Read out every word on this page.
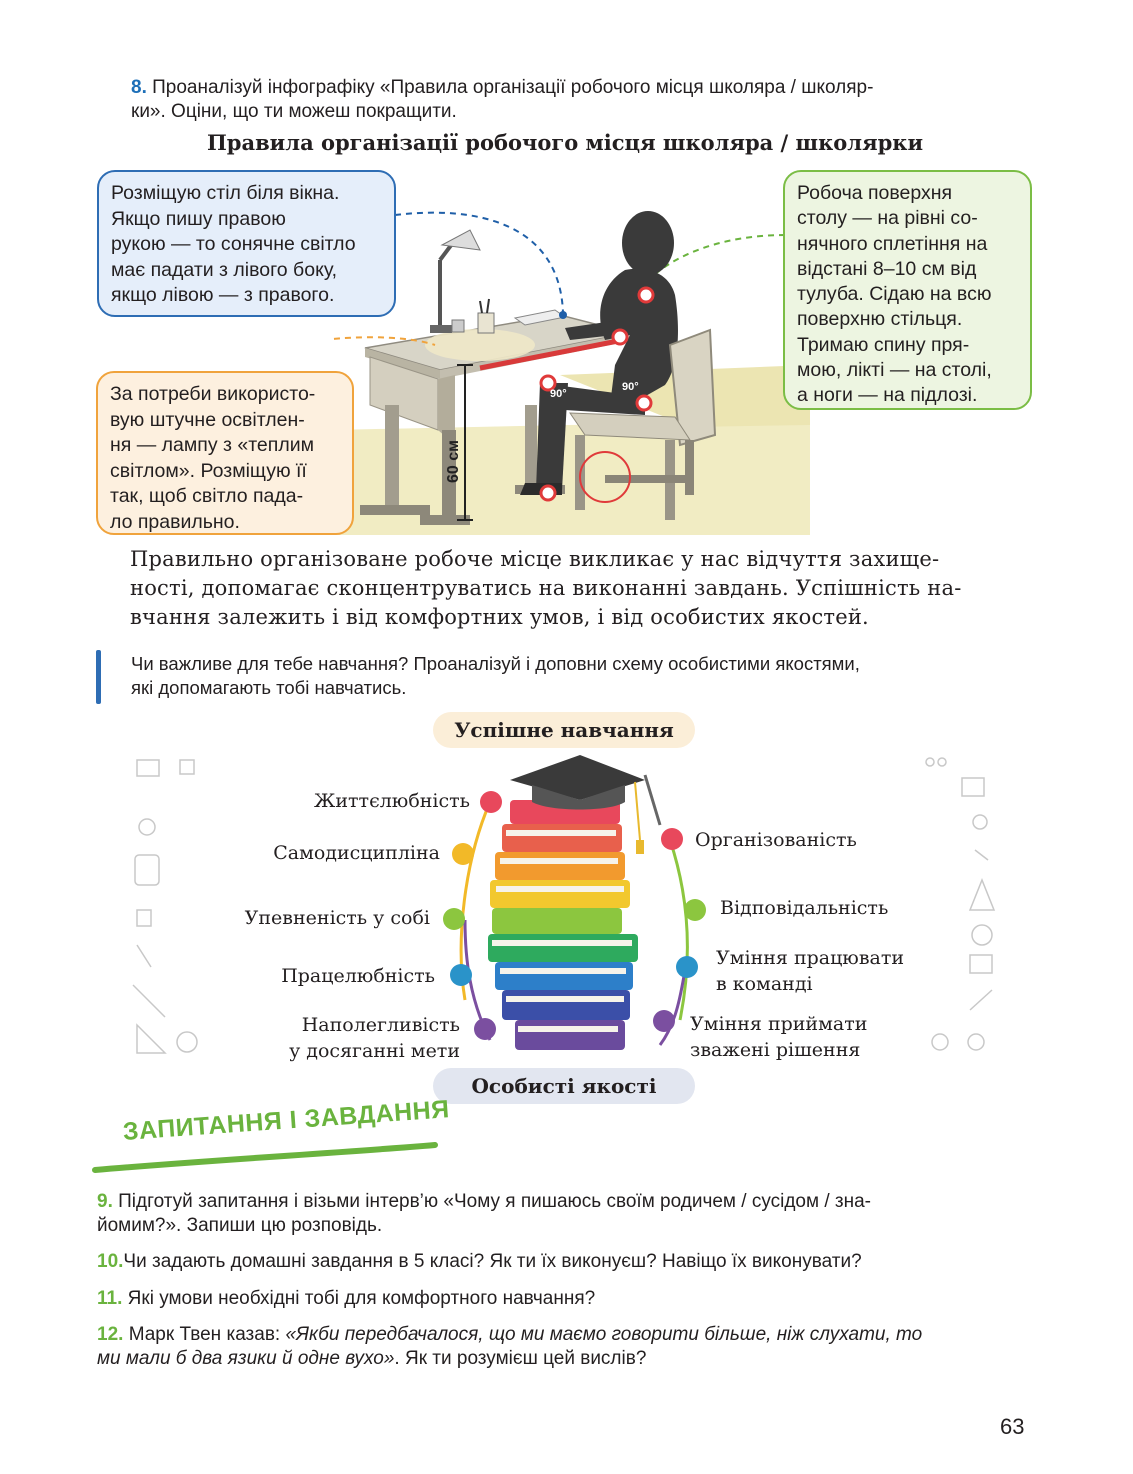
8. Проаналізуй інфографіку «Правила організації робочого місця школяра / школяр-
ки». Оціни, що ти можеш покращити.
Правила організації робочого місця школяра / школярки
60 см
90°
90°
Розміщую стіл біля вікна.
Якщо пишу правою
рукою — то сонячне світло
має падати з лівого боку,
якщо лівою — з правого.
За потреби використо-
вую штучне освітлен-
ня — лампу з «теплим
світлом». Розміщую її
так, щоб світло пада-
ло правильно.
Робоча поверхня
столу — на рівні со-
нячного сплетіння на
відстані 8–10 см від
тулуба. Сідаю на всю
поверхню стільця.
Тримаю спину пря-
мою, лікті — на столі,
а ноги — на підлозі.
Правильно організоване робоче місце викликає у нас відчуття захище-
ності, допомагає сконцентруватись на виконанні завдань. Успішність на-
вчання залежить і від комфортних умов, і від особистих якостей.
Чи важливе для тебе навчання? Проаналізуй і доповни схему особистими якостями,
які допомагають тобі навчатись.
Успішне навчання
Життєлюбність
Самодисципліна
Упевненість у собі
Працелюбність
Наполегливість
у досяганні мети
Організованість
Відповідальність
Уміння працювати
в команді
Уміння приймати
зважені рішення
Особисті якості
ЗАПИТАННЯ І ЗАВДАННЯ
9. Підготуй запитання і візьми інтерв’ю «Чому я пишаюсь своїм родичем / сусідом / зна-
йомим?». Запиши цю розповідь.
10.Чи задають домашні завдання в 5 класі? Як ти їх виконуєш? Навіщо їх виконувати?
11. Які умови необхідні тобі для комфортного навчання?
12. Марк Твен казав: «Якби передбачалося, що ми маємо говорити більше, ніж слухати, то
ми мали б два язики й одне вухо». Як ти розумієш цей вислів?
63
